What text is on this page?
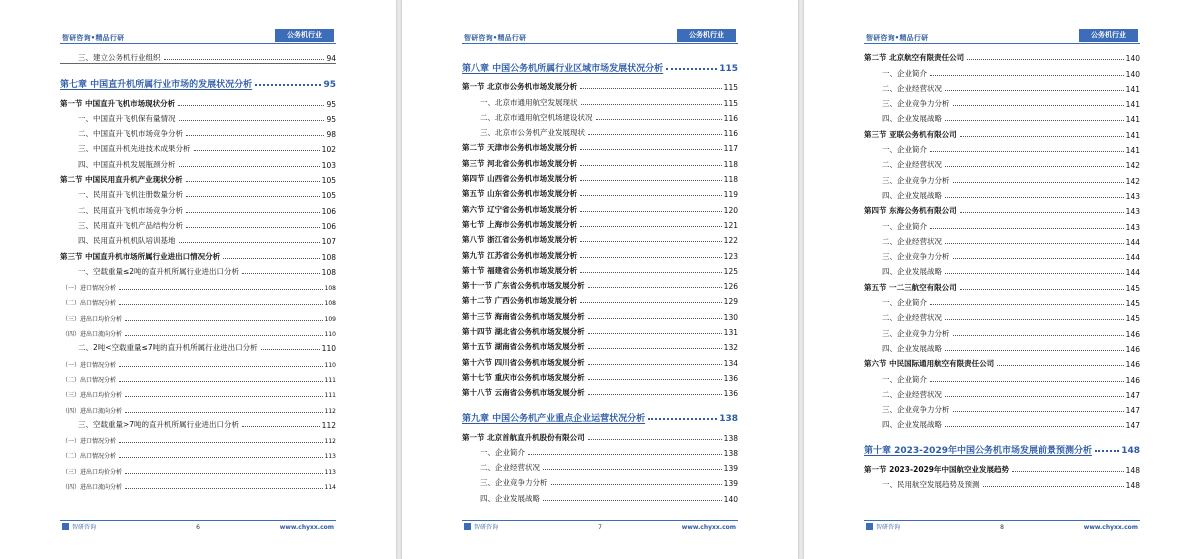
智研咨询•精品行研	公务机行业
三、建立公务机行业组织	94
第七章 中国直升机所属行业市场的发展状况分析	95
第一节 中国直升飞机市场现状分析	95
一、中国直升飞机保有量情况	95
二、中国直升飞机市场竞争分析	98
三、中国直升机先进技术成果分析	102
四、中国直升机发展瓶颈分析	103
第二节 中国民用直升机产业现状分析	105
一、民用直升飞机注册数量分析	105
二、民用直升飞机市场竞争分析	106
三、民用直升飞机产品结构分析	106
四、民用直升机机队培训基地	107
第三节 中国直升机市场所属行业进出口情况分析	108
一、空载重量≤2吨的直升机所属行业进出口分析	108
（一）进口情况分析	108
（二）出口情况分析	108
（三）进出口均价分析	109
（四）进出口流向分析	110
二、2吨<空载重量≤7吨的直升机所属行业进出口分析	110
（一）进口情况分析	110
（二）出口情况分析	111
（三）进出口均价分析	111
（四）进出口流向分析	112
三、空载重量>7吨的直升机所属行业进出口分析	112
（一）进口情况分析	112
（二）出口情况分析	113
（三）进出口均价分析	113
（四）进出口流向分析	114
智研咨询	6	www.chyxx.com
智研咨询•精品行研	公务机行业
第八章 中国公务机所属行业区域市场发展状况分析	115
第一节 北京市公务机市场发展分析	115
一、北京市通用航空发展现状	115
二、北京市通用航空机场建设状况	116
三、北京市公务机产业发展现状	116
第二节 天津市公务机市场发展分析	117
第三节 河北省公务机市场发展分析	118
第四节 山西省公务机市场发展分析	118
第五节 山东省公务机市场发展分析	119
第六节 辽宁省公务机市场发展分析	120
第七节 上海市公务机市场发展分析	121
第八节 浙江省公务机市场发展分析	122
第九节 江苏省公务机市场发展分析	123
第十节 福建省公务机市场发展分析	125
第十一节 广东省公务机市场发展分析	126
第十二节 广西公务机市场发展分析	129
第十三节 海南省公务机市场发展分析	130
第十四节 湖北省公务机市场发展分析	131
第十五节 湖南省公务机市场发展分析	132
第十六节 四川省公务机市场发展分析	134
第十七节 重庆市公务机市场发展分析	136
第十八节 云南省公务机市场发展分析	136
第九章 中国公务机产业重点企业运营状况分析	138
第一节 北京首航直升机股份有限公司	138
一、企业简介	138
二、企业经营状况	139
三、企业竞争力分析	139
四、企业发展战略	140
智研咨询	7	www.chyxx.com
智研咨询•精品行研	公务机行业
第二节 北京航空有限责任公司	140
一、企业简介	140
二、企业经营状况	141
三、企业竞争力分析	141
四、企业发展战略	141
第三节 亚联公务机有限公司	141
一、企业简介	141
二、企业经营状况	142
三、企业竞争力分析	142
四、企业发展战略	143
第四节 东海公务机有限公司	143
一、企业简介	143
二、企业经营状况	144
三、企业竞争力分析	144
四、企业发展战略	144
第五节 一二三航空有限公司	145
一、企业简介	145
二、企业经营状况	145
三、企业竞争力分析	146
四、企业发展战略	146
第六节 中民国际通用航空有限责任公司	146
一、企业简介	146
二、企业经营状况	147
三、企业竞争力分析	147
四、企业发展战略	147
第十章 2023-2029年中国公务机市场发展前景预测分析	148
第一节 2023-2029年中国航空业发展趋势	148
一、民用航空发展趋势及预测	148
智研咨询	8	www.chyxx.com
